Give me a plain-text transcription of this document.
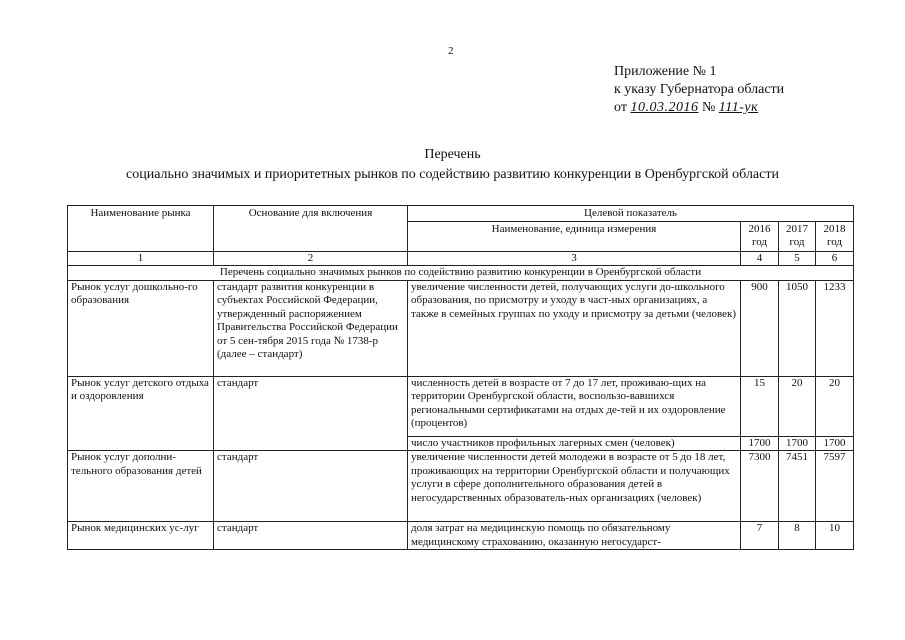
2
Приложение № 1
к указу Губернатора области
от 10.03.2016 № 111-ук
Перечень
социально значимых и приоритетных рынков по содействию развитию конкуренции в Оренбургской области
Наименование рынка	Основание для включения	Целевой показатель			
		Наименование, единица измерения	2016 год	2017 год	2018 год
1	2	3	4	5	6
Перечень социально значимых рынков по содействию развитию конкуренции в Оренбургской области					
Рынок услуг дошкольно-го образования	стандарт развития конкуренции в субъектах Российской Федерации, утвержденный распоряжением Правительства Российской Федерации от 5 сен-тября 2015 года № 1738-р (далее – стандарт)	увеличение численности детей, получающих услуги до-школьного образования, по присмотру и уходу в част-ных организациях, а также в семейных группах по уходу и присмотру за детьми (человек)	900	1050	1233
Рынок услуг детского отдыха и оздоровления	стандарт	численность детей в возрасте от 7 до 17 лет, проживаю-щих на территории Оренбургской области, воспользо-вавшихся региональными сертификатами на отдых де-тей и их оздоровление (процентов)	15	20	20
		число участников профильных лагерных смен (человек)	1700	1700	1700
Рынок услуг дополни-тельного образования детей	стандарт	увеличение численности детей молодежи в возрасте от 5 до 18 лет, проживающих на территории Оренбургской области и получающих услуги в сфере дополнительного образования детей в негосударственных образователь-ных организациях (человек)	7300	7451	7597
Рынок медицинских ус-луг	стандарт	доля затрат на медицинскую помощь по обязательному медицинскому страхованию, оказанную негосударст-	7	8	10
